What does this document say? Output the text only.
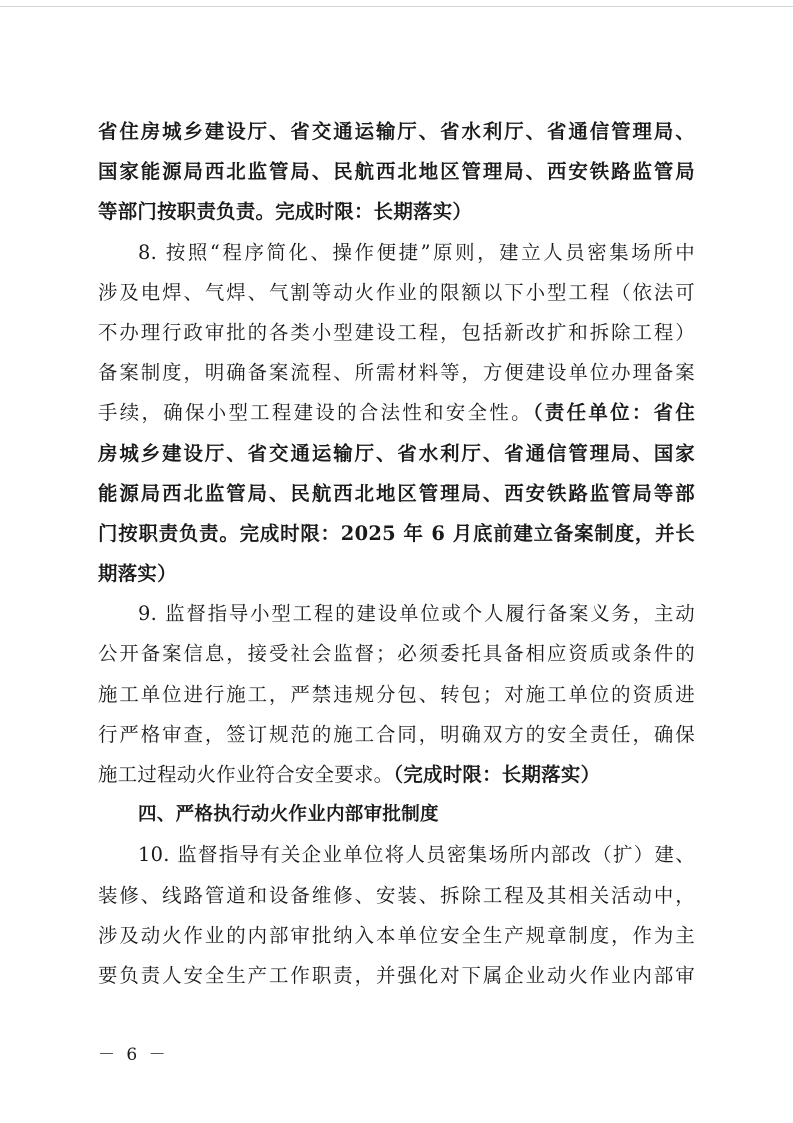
省住房城乡建设厅、省交通运输厅、省水利厅、省通信管理局、
国家能源局西北监管局、民航西北地区管理局、西安铁路监管局
等部门按职责负责。完成时限：长期落实）
8. 按照“程序简化、操作便捷”原则，建立人员密集场所中
涉及电焊、气焊、气割等动火作业的限额以下小型工程（依法可
不办理行政审批的各类小型建设工程，包括新改扩和拆除工程）
备案制度，明确备案流程、所需材料等，方便建设单位办理备案
手续，确保小型工程建设的合法性和安全性。（责任单位：省住
房城乡建设厅、省交通运输厅、省水利厅、省通信管理局、国家
能源局西北监管局、民航西北地区管理局、西安铁路监管局等部
门按职责负责。完成时限：2025 年 6 月底前建立备案制度，并长
期落实）
9. 监督指导小型工程的建设单位或个人履行备案义务，主动
公开备案信息，接受社会监督；必须委托具备相应资质或条件的
施工单位进行施工，严禁违规分包、转包；对施工单位的资质进
行严格审查，签订规范的施工合同，明确双方的安全责任，确保
施工过程动火作业符合安全要求。（完成时限：长期落实）
四、严格执行动火作业内部审批制度
10. 监督指导有关企业单位将人员密集场所内部改（扩）建、
装修、线路管道和设备维修、安装、拆除工程及其相关活动中，
涉及动火作业的内部审批纳入本单位安全生产规章制度，作为主
要负责人安全生产工作职责，并强化对下属企业动火作业内部审
－ 6 －
